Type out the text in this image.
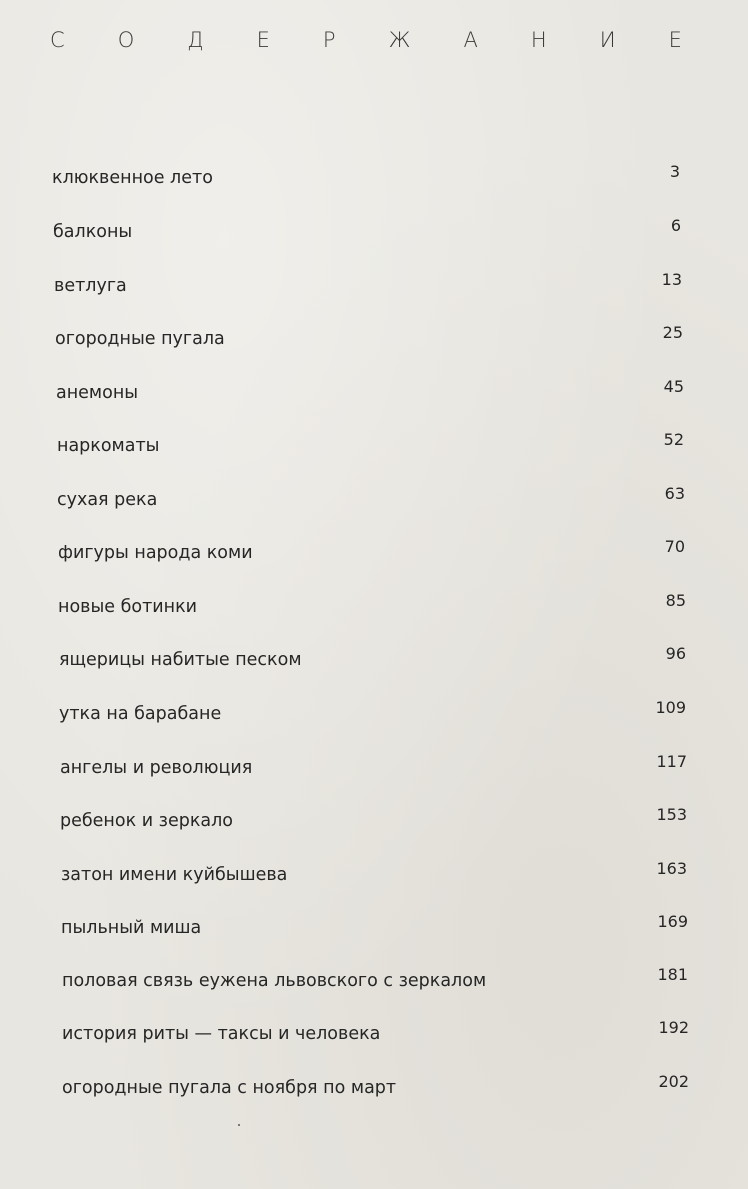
С	О	Д	Е	Р	Ж	А	Н	И	Е
клюквенное лето	3
балконы	6
ветлуга	13
огородные пугала	25
анемоны	45
наркоматы	52
сухая река	63
фигуры народа коми	70
новые ботинки	85
ящерицы набитые песком	96
утка на барабане	109
ангелы и революция	117
ребенок и зеркало	153
затон имени куйбышева	163
пыльный миша	169
половая связь еужена львовского с зеркалом	181
история риты — таксы и человека	192
огородные пугала с ноября по март	202
